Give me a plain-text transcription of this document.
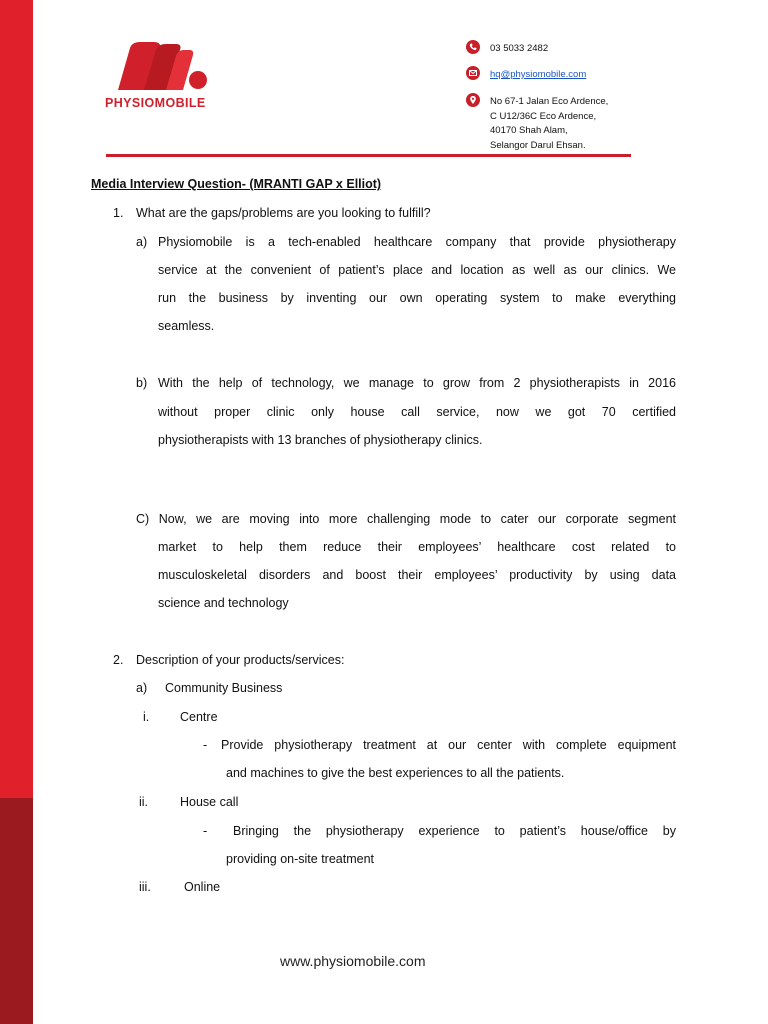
PHYSIOMOBILE
03 5033 2482
hq@physiomobile.com
No 67-1 Jalan Eco Ardence,
C U12/36C Eco Ardence,
40170 Shah Alam,
Selangor Darul Ehsan.
Media Interview Question- (MRANTI GAP x Elliot)
1. What are the gaps/problems are you looking to fulfill?
a) Physiomobile is a tech-enabled healthcare company that provide physiotherapy
service at the convenient of patient’s place and location as well as our clinics. We
run the business by inventing our own operating system to make everything
seamless.
b) With the help of technology, we manage to grow from 2 physiotherapists in 2016
without proper clinic only house call service, now we got 70 certified
physiotherapists with 13 branches of physiotherapy clinics.
C) Now, we are moving into more challenging mode to cater our corporate segment
market to help them reduce their employees’ healthcare cost related to
musculoskeletal disorders and boost their employees’ productivity by using data
science and technology
2. Description of your products/services:
a) Community Business
i. Centre
- Provide physiotherapy treatment at our center with complete equipment
and machines to give the best experiences to all the patients.
ii.	House call
- Bringing the physiotherapy experience to patient’s house/office by
providing on-site treatment
iii.	Online
www.physiomobile.com
